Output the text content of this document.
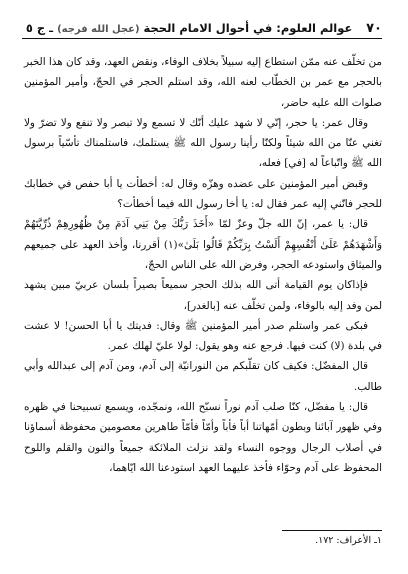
٧٠
عوالم العلوم: في أحوال الامام الحجة (عجل الله فرجه) ـ ج ٥

من تخلّف عنه ممّن استطاع إليه سبيلاً بخلاف الوفاء، ونقض العهد، وقد كان هذا الخبر بالحجر مع عمر بن الخطّاب لعنه الله، وقد استلم الحجر في الحجّ، وأمير المؤمنين صلوات الله عليه حاضر،

وقال عمر: يا حجر، إنّي لا شهد عليك أنّك لا تسمع ولا تبصر ولا تنفع ولا تضرّ ولا تغني عنّا من الله شيئاً ولكنّا رأينا رسول الله ﷺ يستلمك، فاستلمناك تأسّياً برسول الله ﷺ واتّباعاً له [في] فعله،

وقبض أمير المؤمنين على عضده وهزّه وقال له: أخطأت يا أبا حفص في خطابك للحجر فانّني إليه عمر فقال له: يا أخا رسول الله فيما أخطأت؟

قال: يا عمر، إنّ الله جلّ وعزّ لمّا «أَخَذَ رَبُّكَ مِنْ بَنِي آدَمَ مِنْ ظُهُورِهِمْ ذُرِّيَّتَهُمْ وَأَشْهَدَهُمْ عَلَىٰ أَنْفُسِهِمْ أَلَسْتُ بِرَبِّكُمْ قَالُوا بَلَىٰ»(١) أقررنا، وأخذ العهد على جميعهم والميثاق واستودعه الحجر، وفرض الله على الناس الحجّ،

فإذاكان يوم القيامة أتى الله بذلك الحجر سميعاً بصيراً بلسان عربيّ مبين يشهد لمن وفد إليه بالوفاء، ولمن تخلّف عنه [بالغدر]،

فبكى عمر واستلم صدر أمير المؤمنين ﷺ وقال: فديتك يا أبا الحسن! لا عشت في بلدة (لا) كنت فيها. فرجع عنه وهو يقول: لولا عليّ لهلك عمر.

قال المفضّل: فكيف كان تقلّبكم من النورانيّة إلى آدم، ومن آدم إلى عبدالله وأبي طالب.

قال: يا مفضّل، كنّا صلب آدم نوراً نسبّح الله، ونمجّده، ويسمع تسبيحنا في ظهره وفي ظهور آبائنا وبطون أمّهاتنا أباً فأباً وأمّاً فأمّاً طاهرين معصومين محفوظة أسماؤنا في أصلاب الرجال ووجوه النساء ولقد نزلت الملائكة جميعاً والنون والقلم واللوح المحفوظ على آدم وحوّاء فأخذ عليهما العهد استودعنا الله ايّاهما،

١ـ الأعراف: ١٧٢.
